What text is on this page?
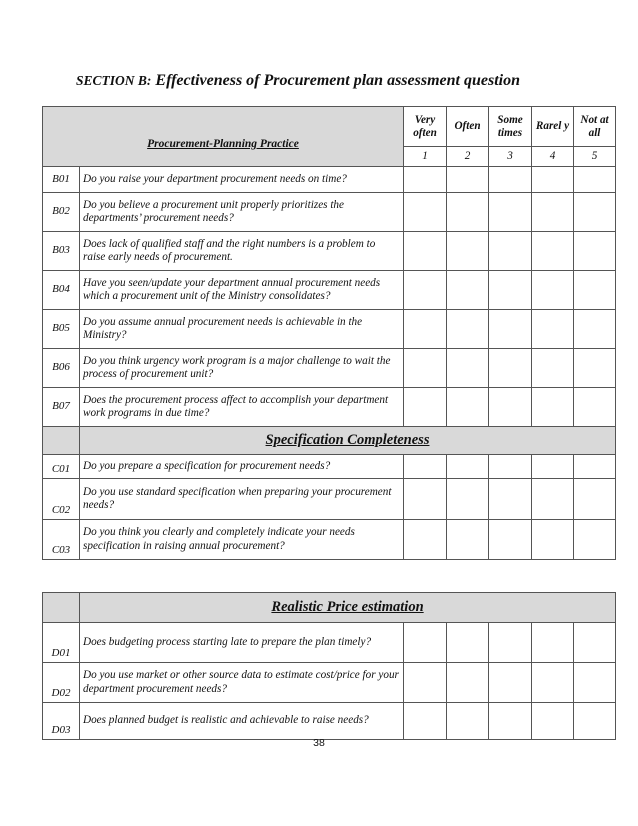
SECTION B: Effectiveness of Procurement plan assessment question
Procurement-Planning Practice		Very often	Often	Some times	Rarel y	Not at all
		1	2	3	4	5
B01	Do you raise your department procurement needs on time?					
B02	Do you believe a procurement unit properly prioritizes the departments’ procurement needs?					
B03	Does lack of qualified staff and the right numbers is a problem to raise early needs of procurement.					
B04	Have you seen/update your department annual procurement needs which a procurement unit of the Ministry consolidates?					
B05	Do you assume annual procurement needs is achievable in the Ministry?					
B06	Do you think urgency work program is a major challenge to wait the process of procurement unit?					
B07	Does the procurement process affect to accomplish your department work programs in due time?					
	Specification Completeness					
C01	Do you prepare a specification for procurement needs?					
C02	Do you use standard specification when preparing your procurement needs?					
C03	Do you think you clearly and completely indicate your needs specification in raising annual procurement?					
	Realistic Price estimation					
D01	Does budgeting process starting late to prepare the plan timely?					
D02	Do you use market or other source data to estimate cost/price for your department procurement needs?					
D03	Does planned budget is realistic and achievable to raise needs?					
38
